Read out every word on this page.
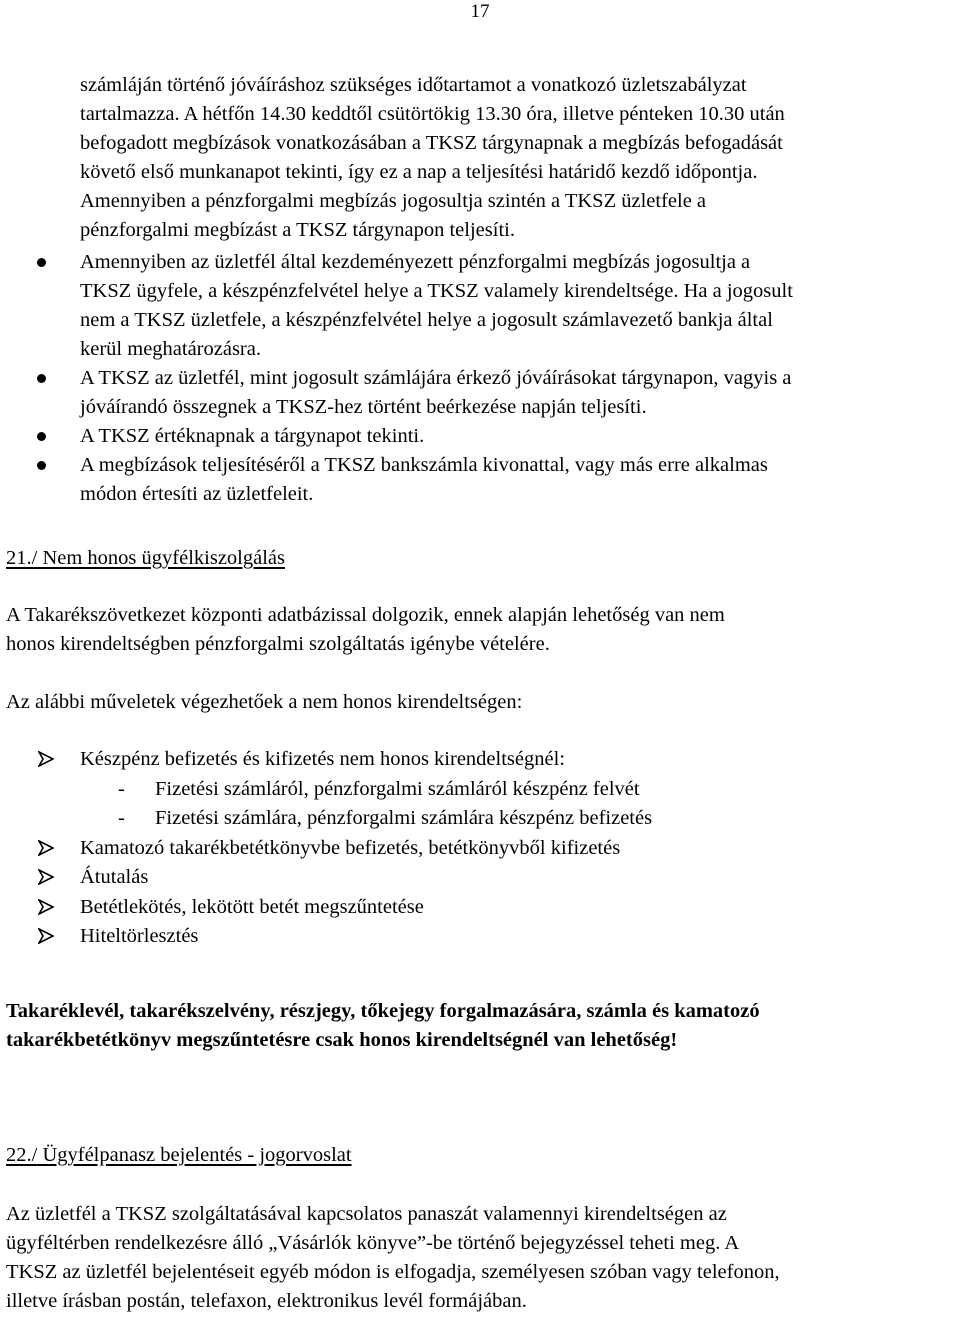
17

számláján történő jóváíráshoz szükséges időtartamot a vonatkozó üzletszabályzat

tartalmazza. A hétfőn 14.30 keddtől csütörtökig 13.30 óra, illetve pénteken 10.30 után

befogadott megbízások vonatkozásában a TKSZ tárgynapnak a megbízás befogadását

követő első munkanapot tekinti, így ez a nap a teljesítési határidő kezdő időpontja.

Amennyiben a pénzforgalmi megbízás jogosultja szintén a TKSZ üzletfele a

pénzforgalmi megbízást a TKSZ tárgynapon teljesíti.

Amennyiben az üzletfél által kezdeményezett pénzforgalmi megbízás jogosultja a

TKSZ ügyfele, a készpénzfelvétel helye a TKSZ valamely kirendeltsége. Ha a jogosult

nem a TKSZ üzletfele, a készpénzfelvétel helye a jogosult számlavezető bankja által

kerül meghatározásra.

A TKSZ az üzletfél, mint jogosult számlájára érkező jóváírásokat tárgynapon, vagyis a

jóváírandó összegnek a TKSZ-hez történt beérkezése napján teljesíti.

A TKSZ értéknapnak a tárgynapot tekinti.

A megbízások teljesítéséről a TKSZ bankszámla kivonattal, vagy más erre alkalmas

módon értesíti az üzletfeleit.

21./ Nem honos ügyfélkiszolgálás

A Takarékszövetkezet központi adatbázissal dolgozik, ennek alapján lehetőség van nem

honos kirendeltségben pénzforgalmi szolgáltatás igénybe vételére.

Az alábbi műveletek végezhetőek a nem honos kirendeltségen:

Készpénz befizetés és kifizetés nem honos kirendeltségnél:

- Fizetési számláról, pénzforgalmi számláról készpénz felvét

- Fizetési számlára, pénzforgalmi számlára készpénz befizetés

Kamatozó takarékbetétkönyvbe befizetés, betétkönyvből kifizetés

Átutalás

Betétlekötés, lekötött betét megszűntetése

Hiteltörlesztés

Takaréklevél, takarékszelvény, részjegy, tőkejegy forgalmazására, számla és kamatozó

takarékbetétkönyv megszűntetésre csak honos kirendeltségnél van lehetőség!

22./ Ügyfélpanasz bejelentés - jogorvoslat

Az üzletfél a TKSZ szolgáltatásával kapcsolatos panaszát valamennyi kirendeltségen az

ügyféltérben rendelkezésre álló „Vásárlók könyve”-be történő bejegyzéssel teheti meg. A

TKSZ az üzletfél bejelentéseit egyéb módon is elfogadja, személyesen szóban vagy telefonon,

illetve írásban postán, telefaxon, elektronikus levél formájában.
